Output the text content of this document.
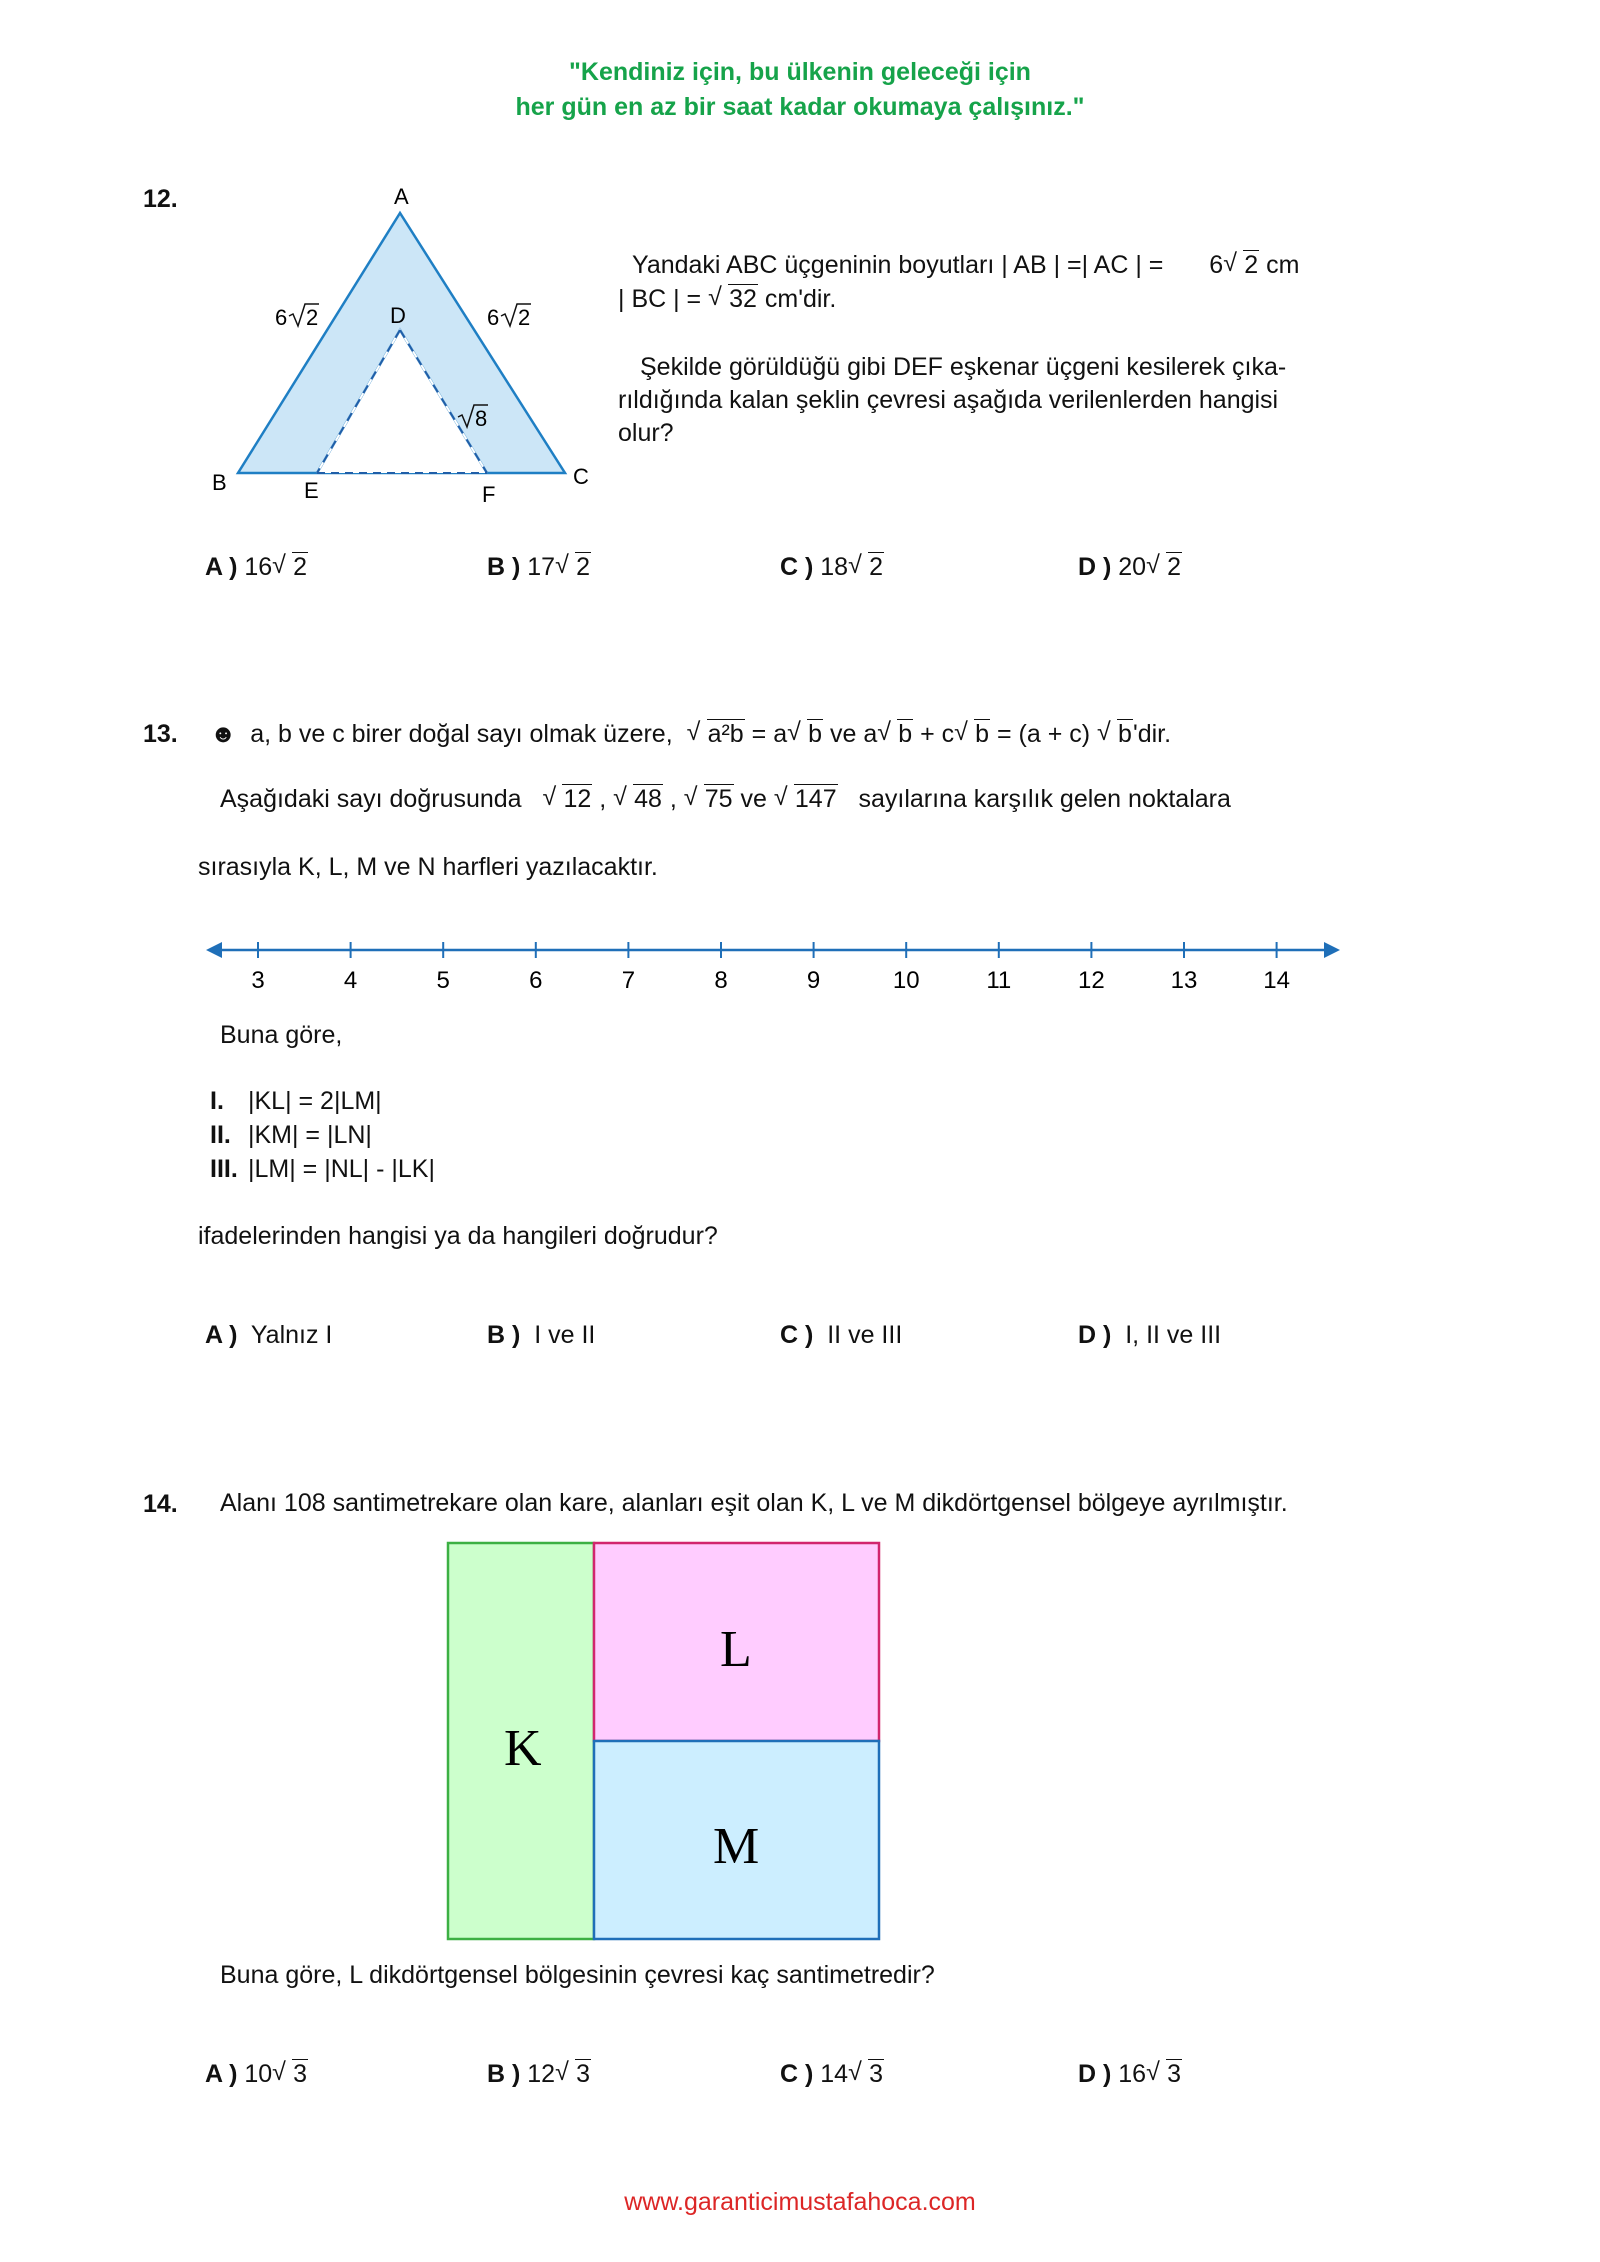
"Kendiniz için, bu ülkenin geleceği için
her gün en az bir saat kadar okumaya çalışınız."
12.	A
B	C
D
E	F
6 2	6 2
8
Yandaki ABC üçgeninin boyutları | AB | =| AC | = 6 √ 2 cm
| BC | = √ 32 cm'dir.
Şekilde görüldüğü gibi DEF eşkenar üçgeni kesilerek çıka-
rıldığında kalan şeklin çevresi aşağıda verilenlerden hangisi
olur?
A ) 16 √ 2	B ) 17 √ 2	C ) 18 √ 2	D ) 20 √ 2
13. ☻ a, b ve c birer doğal sayı olmak üzere, √ a²b = a √ b ve a √ b + c √ b = (a + c) √ b'dir.
Aşağıdaki sayı doğrusunda √ 12 , √ 48 , √ 75 ve √ 147 sayılarına karşılık gelen noktalara
sırasıyla K, L, M ve N harfleri yazılacaktır.
3	4	5	6	7	8	9	10	11	12	13	14
Buna göre,
I. |KL| = 2|LM|
II. |KM| = |LN|
III. |LM| = |NL| - |LK|
ifadelerinden hangisi ya da hangileri doğrudur?
A ) Yalnız I	B ) I ve II	C ) II ve III	D ) I, II ve III
14. Alanı 108 santimetrekare olan kare, alanları eşit olan K, L ve M dikdörtgensel bölgeye ayrılmıştır.
K
L
M
Buna göre, L dikdörtgensel bölgesinin çevresi kaç santimetredir?
A ) 10 √ 3	B ) 12 √ 3	C ) 14 √ 3	D ) 16 √ 3
www.garanticimustafahoca.com
